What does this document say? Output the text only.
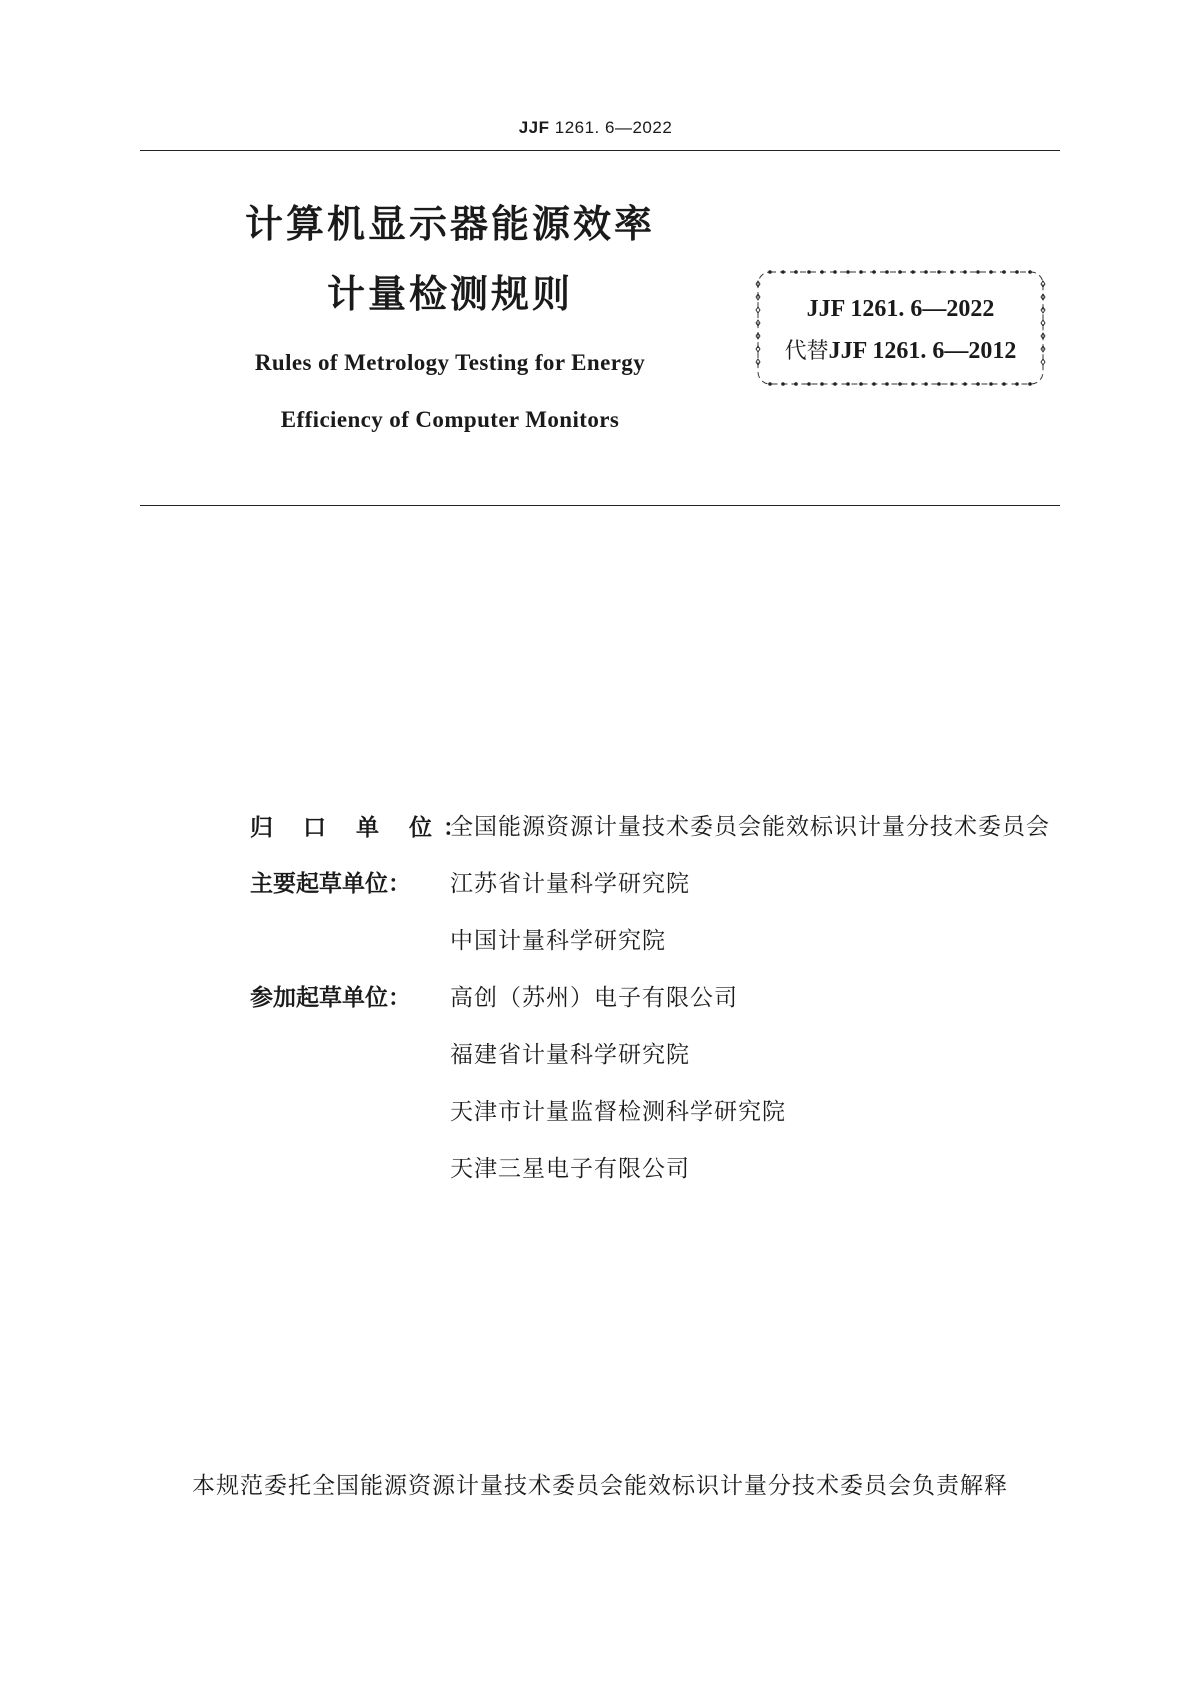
JJF 1261. 6—2022

计算机显示器能源效率

计量检测规则

Rules of Metrology Testing for Energy

Efficiency of Computer Monitors

JJF 1261. 6—2022
代替JJF 1261. 6—2012
归 口 单 位：
全国能源资源计量技术委员会能效标识计量分技术委员会
主要起草单位：	江苏省计量科学研究院
中国计量科学研究院
参加起草单位：	高创（苏州）电子有限公司
福建省计量科学研究院
天津市计量监督检测科学研究院
天津三星电子有限公司
本规范委托全国能源资源计量技术委员会能效标识计量分技术委员会负责解释
